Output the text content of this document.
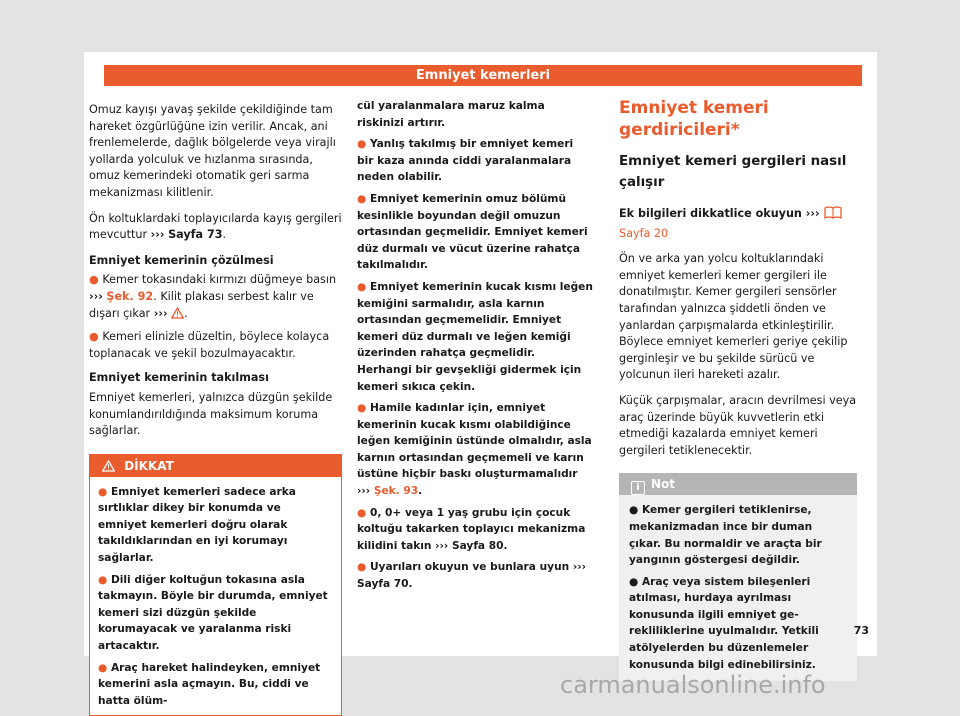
Emniyet kemerleri

Omuz kayışı yavaş şekilde çekildiğinde tam hareket özgürlüğüne izin verilir. Ancak, ani frenlemelerde, dağlık bölgelerde veya virajlı yollarda yolculuk ve hızlanma sırasında, omuz kemerindeki otomatik geri sarma mekanizması kilitlenir.

Ön koltuklardaki toplayıcılarda kayış gergileri mevcuttur ››› Sayfa 73.

Emniyet kemerinin çözülmesi
● Kemer tokasındaki kırmızı düğmeye basın ››› Şek. 92. Kilit plakası serbest kalır ve dışarı çıkar ››› .
● Kemeri elinizle düzeltin, böylece kolayca toplanacak ve şekil bozulmayacaktır.
Emniyet kemerinin takılması

Emniyet kemerleri, yalnızca düzgün şekilde konumlandırıldığında maksimum koruma sağlarlar.

DİKKAT
● Emniyet kemerleri sadece arka sırtlıklar dikey bir konumda ve emniyet kemerleri doğru olarak takıldıklarından en iyi korumayı sağlarlar.
● Dili diğer koltuğun tokasına asla takmayın. Böyle bir durumda, emniyet kemeri sizi düzgün şekilde korumayacak ve yaralanma riski artacaktır.
● Araç hareket halindeyken, emniyet kemerini asla açmayın. Bu, ciddi ve hatta ölüm-

cül yaralanmalara maruz kalma riskinizi artırır.

● Yanlış takılmış bir emniyet kemeri bir kaza anında ciddi yaralanmalara neden olabilir.
● Emniyet kemerinin omuz bölümü kesinlikle boyundan değil omuzun ortasından geçmelidir. Emniyet kemeri düz durmalı ve vücut üzerine rahatça takılmalıdır.
● Emniyet kemerinin kucak kısmı leğen kemiğini sarmalıdır, asla karnın ortasından geçmemelidir. Emniyet kemeri düz durmalı ve leğen kemiği üzerinden rahatça geçmelidir. Herhangi bir gevşekliği gidermek için kemeri sıkıca çekin.
● Hamile kadınlar için, emniyet kemerinin kucak kısmı olabildiğince leğen kemiğinin üstünde olmalıdır, asla karnın ortasından geçmemeli ve karın üstüne hiçbir baskı oluşturmamalıdır ››› Şek. 93.
● 0, 0+ veya 1 yaş grubu için çocuk koltuğu takarken toplayıcı mekanizma kilidini takın ››› Sayfa 80.
● Uyarıları okuyun ve bunlara uyun ››› Sayfa 70.
Emniyet kemeri gerdiricileri*
Emniyet kemeri gergileri nasıl çalışır

Ek bilgileri dikkatlice okuyun ›››  Sayfa 20

Ön ve arka yan yolcu koltuklarındaki emniyet kemerleri kemer gergileri ile donatılmıştır. Kemer gergileri sensörler tarafından yalnızca şiddetli önden ve yanlardan çarpışmalarda etkinleştirilir. Böylece emniyet kemerleri geriye çekilip gerginleşir ve bu şekilde sürücü ve yolcunun ileri hareketi azalır.

Küçük çarpışmalar, aracın devrilmesi veya araç üzerinde büyük kuvvetlerin etki etmediği kazalarda emniyet kemeri gergileri tetiklenecektir.

i Not
● Kemer gergileri tetiklenirse, mekanizmadan ince bir duman çıkar. Bu normaldir ve araçta bir yangının göstergesi değildir.
● Araç veya sistem bileşenleri atılması, hurdaya ayrılması konusunda ilgili emniyet gerekliliklerine uyulmalıdır. Yetkili atölyelerden bu düzenlemeler konusunda bilgi edinebilirsiniz.
73
carmanualsonline.info
